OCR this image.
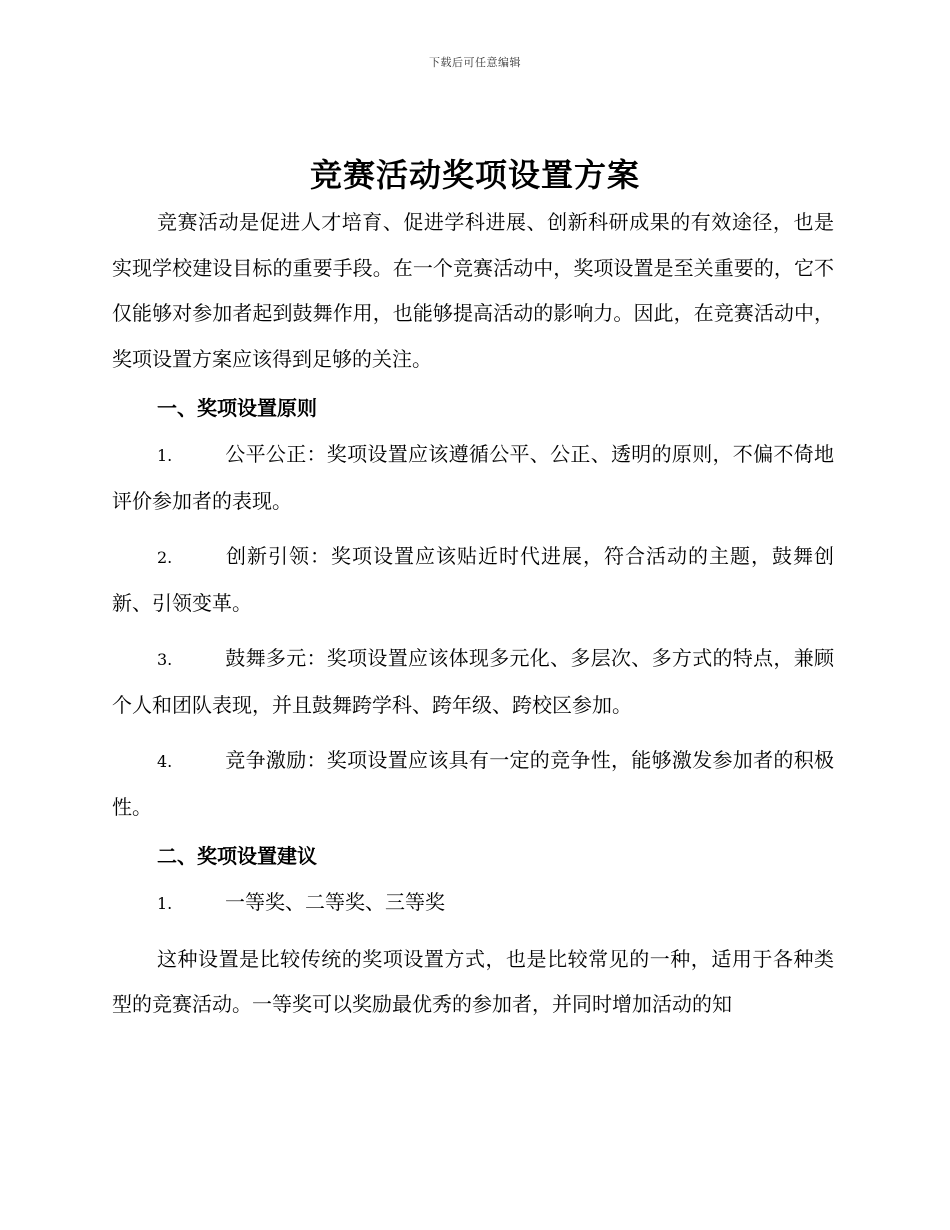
下载后可任意编辑
竞赛活动奖项设置方案

竞赛活动是促进人才培育、促进学科进展、创新科研成果的有效途径，也是实现学校建设目标的重要手段。在一个竞赛活动中，奖项设置是至关重要的，它不仅能够对参加者起到鼓舞作用，也能够提高活动的影响力。因此，在竞赛活动中，奖项设置方案应该得到足够的关注。

一、奖项设置原则

1.	公平公正：奖项设置应该遵循公平、公正、透明的原则，不偏不倚地评价参加者的表现。

2.	创新引领：奖项设置应该贴近时代进展，符合活动的主题，鼓舞创新、引领变革。

3.	鼓舞多元：奖项设置应该体现多元化、多层次、多方式的特点，兼顾个人和团队表现，并且鼓舞跨学科、跨年级、跨校区参加。

4.	竞争激励：奖项设置应该具有一定的竞争性，能够激发参加者的积极性。

二、奖项设置建议

1.	一等奖、二等奖、三等奖

这种设置是比较传统的奖项设置方式，也是比较常见的一种，适用于各种类型的竞赛活动。一等奖可以奖励最优秀的参加者，并同时增加活动的知
